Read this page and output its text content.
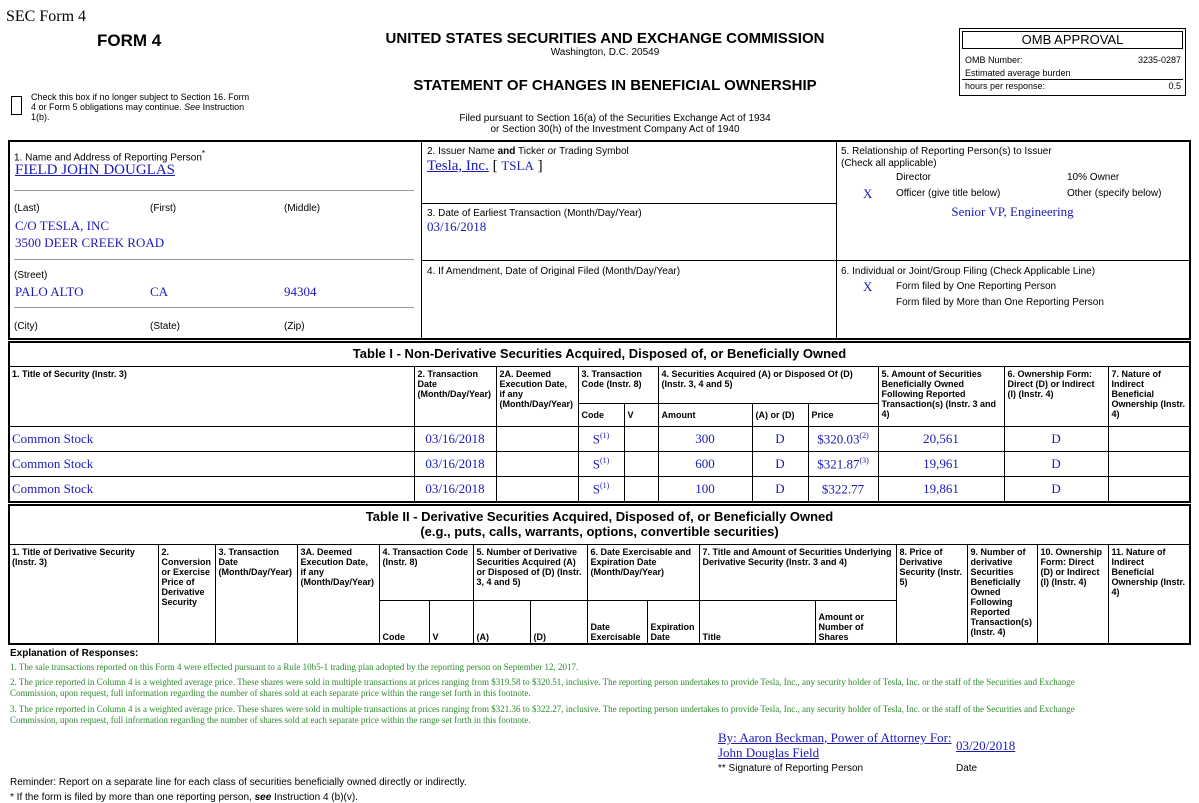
SEC Form 4
FORM 4	UNITED STATES SECURITIES AND EXCHANGE COMMISSION
Washington, D.C. 20549
STATEMENT OF CHANGES IN BENEFICIAL OWNERSHIP
Filed pursuant to Section 16(a) of the Securities Exchange Act of 1934
or Section 30(h) of the Investment Company Act of 1940
Check this box if no longer subject to Section 16. Form
4 or Form 5 obligations may continue. See Instruction
1(b).
OMB APPROVAL
OMB Number:	3235-0287
Estimated average burden
hours per response:	0.5
1. Name and Address of Reporting Person*
FIELD JOHN DOUGLAS
(Last)	(First)	(Middle)
C/O TESLA, INC
3500 DEER CREEK ROAD
(Street)
PALO ALTO	CA	94304
(City)	(State)	(Zip)
2. Issuer Name and Ticker or Trading Symbol
Tesla, Inc. [ TSLA ]
3. Date of Earliest Transaction (Month/Day/Year)
03/16/2018
4. If Amendment, Date of Original Filed (Month/Day/Year)
5. Relationship of Reporting Person(s) to Issuer
(Check all applicable)
Director	10% Owner
X Officer (give title below)	Other (specify below)
Senior VP, Engineering
6. Individual or Joint/Group Filing (Check Applicable Line)
X Form filed by One Reporting Person
Form filed by More than One Reporting Person
Table I - Non-Derivative Securities Acquired, Disposed of, or Beneficially Owned
1. Title of Security (Instr. 3)	2. Transaction Date (Month/Day/Year)	2A. Deemed Execution Date, if any (Month/Day/Year)	3. Transaction Code (Instr. 8)		4. Securities Acquired (A) or Disposed Of (D) (Instr. 3, 4 and 5)			5. Amount of Securities Beneficially Owned Following Reported Transaction(s) (Instr. 3 and 4)	6. Ownership Form: Direct (D) or Indirect (I) (Instr. 4)	7. Nature of Indirect Beneficial Ownership (Instr. 4)
			Code	V	Amount	(A) or (D)	Price			
Common Stock	03/16/2018		$S^{(1)}$		300	D	$320.03$^{(2)}$	20,561	D	
Common Stock	03/16/2018		$S^{(1)}$		600	D	$321.87$^{(3)}$	19,961	D	
Common Stock	03/16/2018		$S^{(1)}$		100	D	$322.77	19,861	D	
Table II - Derivative Securities Acquired, Disposed of, or Beneficially Owned
(e.g., puts, calls, warrants, options, convertible securities)
1. Title of Derivative Security (Instr. 3)	2. Conversion or Exercise Price of Derivative Security	3. Transaction Date (Month/Day/Year)	3A. Deemed Execution Date, if any (Month/Day/Year)	4. Transaction Code (Instr. 8)		5. Number of Derivative Securities Acquired (A) or Disposed of (D) (Instr. 3, 4 and 5)		6. Date Exercisable and Expiration Date (Month/Day/Year)		7. Title and Amount of Securities Underlying Derivative Security (Instr. 3 and 4)		8. Price of Derivative Security (Instr. 5)	9. Number of derivative Securities Beneficially Owned Following Reported Transaction(s) (Instr. 4)	10. Ownership Form: Direct (D) or Indirect (I) (Instr. 4)	11. Nature of Indirect Beneficial Ownership (Instr. 4)
				Code	V	(A)	(D)	Date Exercisable	Expiration Date	Title	Amount or Number of Shares				
Explanation of Responses:
1. The sale transactions reported on this Form 4 were effected pursuant to a Rule 10b5-1 trading plan adopted by the reporting person on September 12, 2017.
2. The price reported in Column 4 is a weighted average price. These shares were sold in multiple transactions at prices ranging from $319.58 to $320.51, inclusive. The reporting person undertakes to provide Tesla, Inc., any security holder of Tesla, Inc. or the staff of the Securities and Exchange
Commission, upon request, full information regarding the number of shares sold at each separate price within the range set forth in this footnote.
3. The price reported in Column 4 is a weighted average price. These shares were sold in multiple transactions at prices ranging from $321.36 to $322.27, inclusive. The reporting person undertakes to provide Tesla, Inc., any security holder of Tesla, Inc. or the staff of the Securities and Exchange
Commission, upon request, full information regarding the number of shares sold at each separate price within the range set forth in this footnote.
By: Aaron Beckman, Power of Attorney For:
John Douglas Field	03/20/2018
** Signature of Reporting Person	Date
Reminder: Report on a separate line for each class of securities beneficially owned directly or indirectly.
* If the form is filed by more than one reporting person, see Instruction 4 (b)(v).
